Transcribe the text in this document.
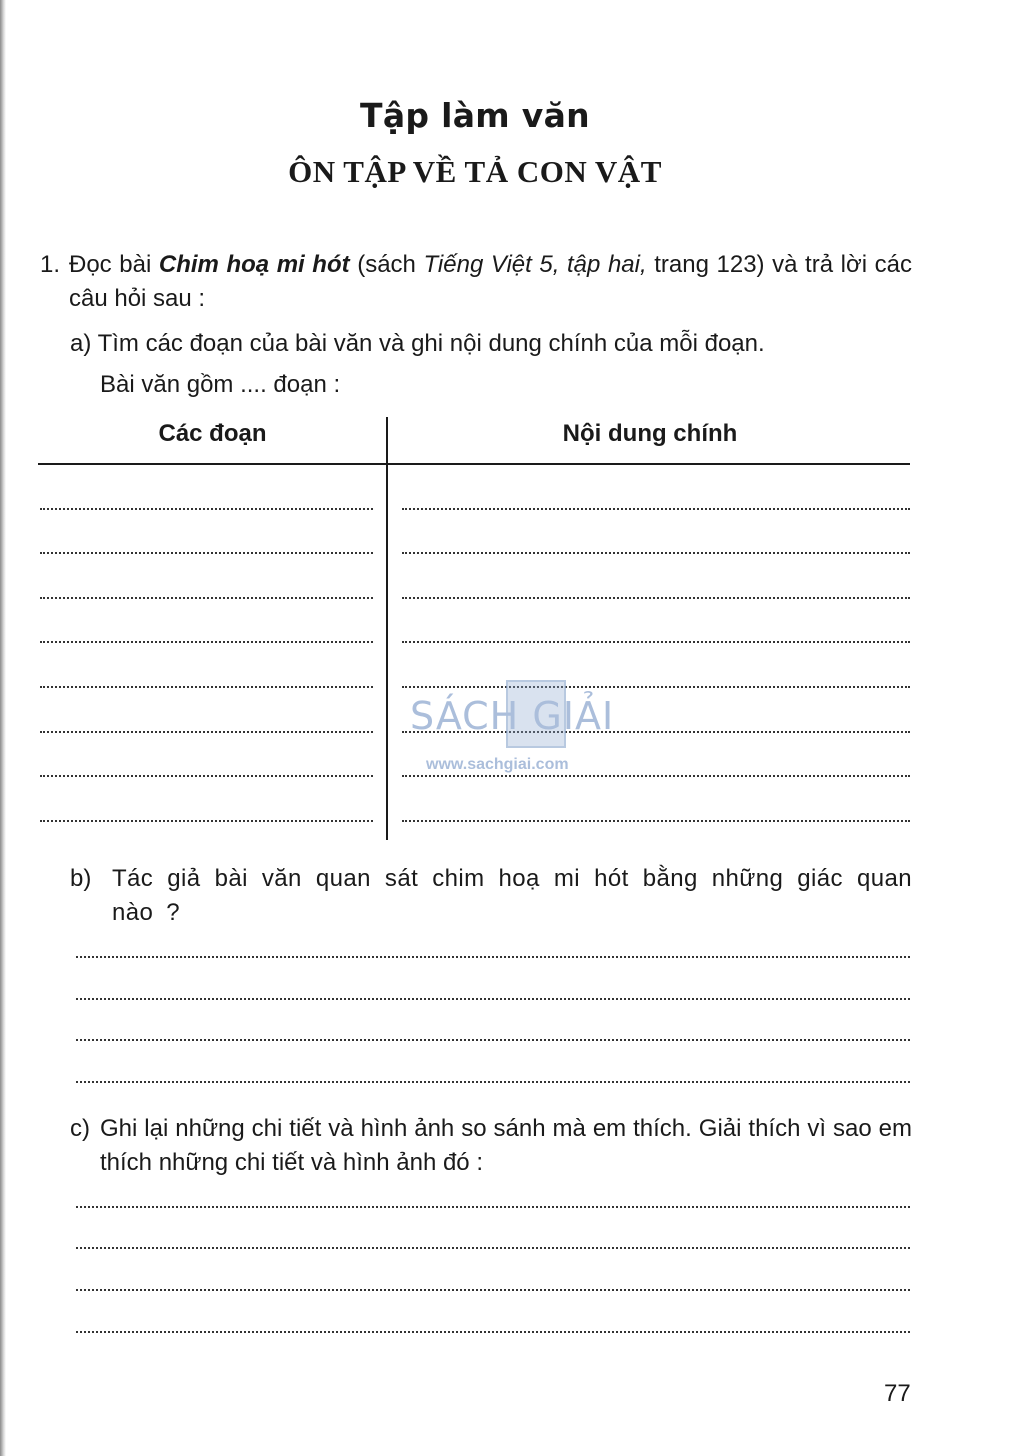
Tập làm văn
ÔN TẬP VỀ TẢ CON VẬT
1. Đọc bài Chim hoạ mi hót (sách Tiếng Việt 5, tập hai, trang 123) và trả lời các câu hỏi sau :
a) Tìm các đoạn của bài văn và ghi nội dung chính của mỗi đoạn.
Bài văn gồm .... đoạn :
Các đoạn	Nội dung chính
SÁCH GIẢI
www.sachgiai.com
b) Tác giả bài văn quan sát chim hoạ mi hót bằng những giác quan nào ?
c) Ghi lại những chi tiết và hình ảnh so sánh mà em thích. Giải thích vì sao em thích những chi tiết và hình ảnh đó :
77
